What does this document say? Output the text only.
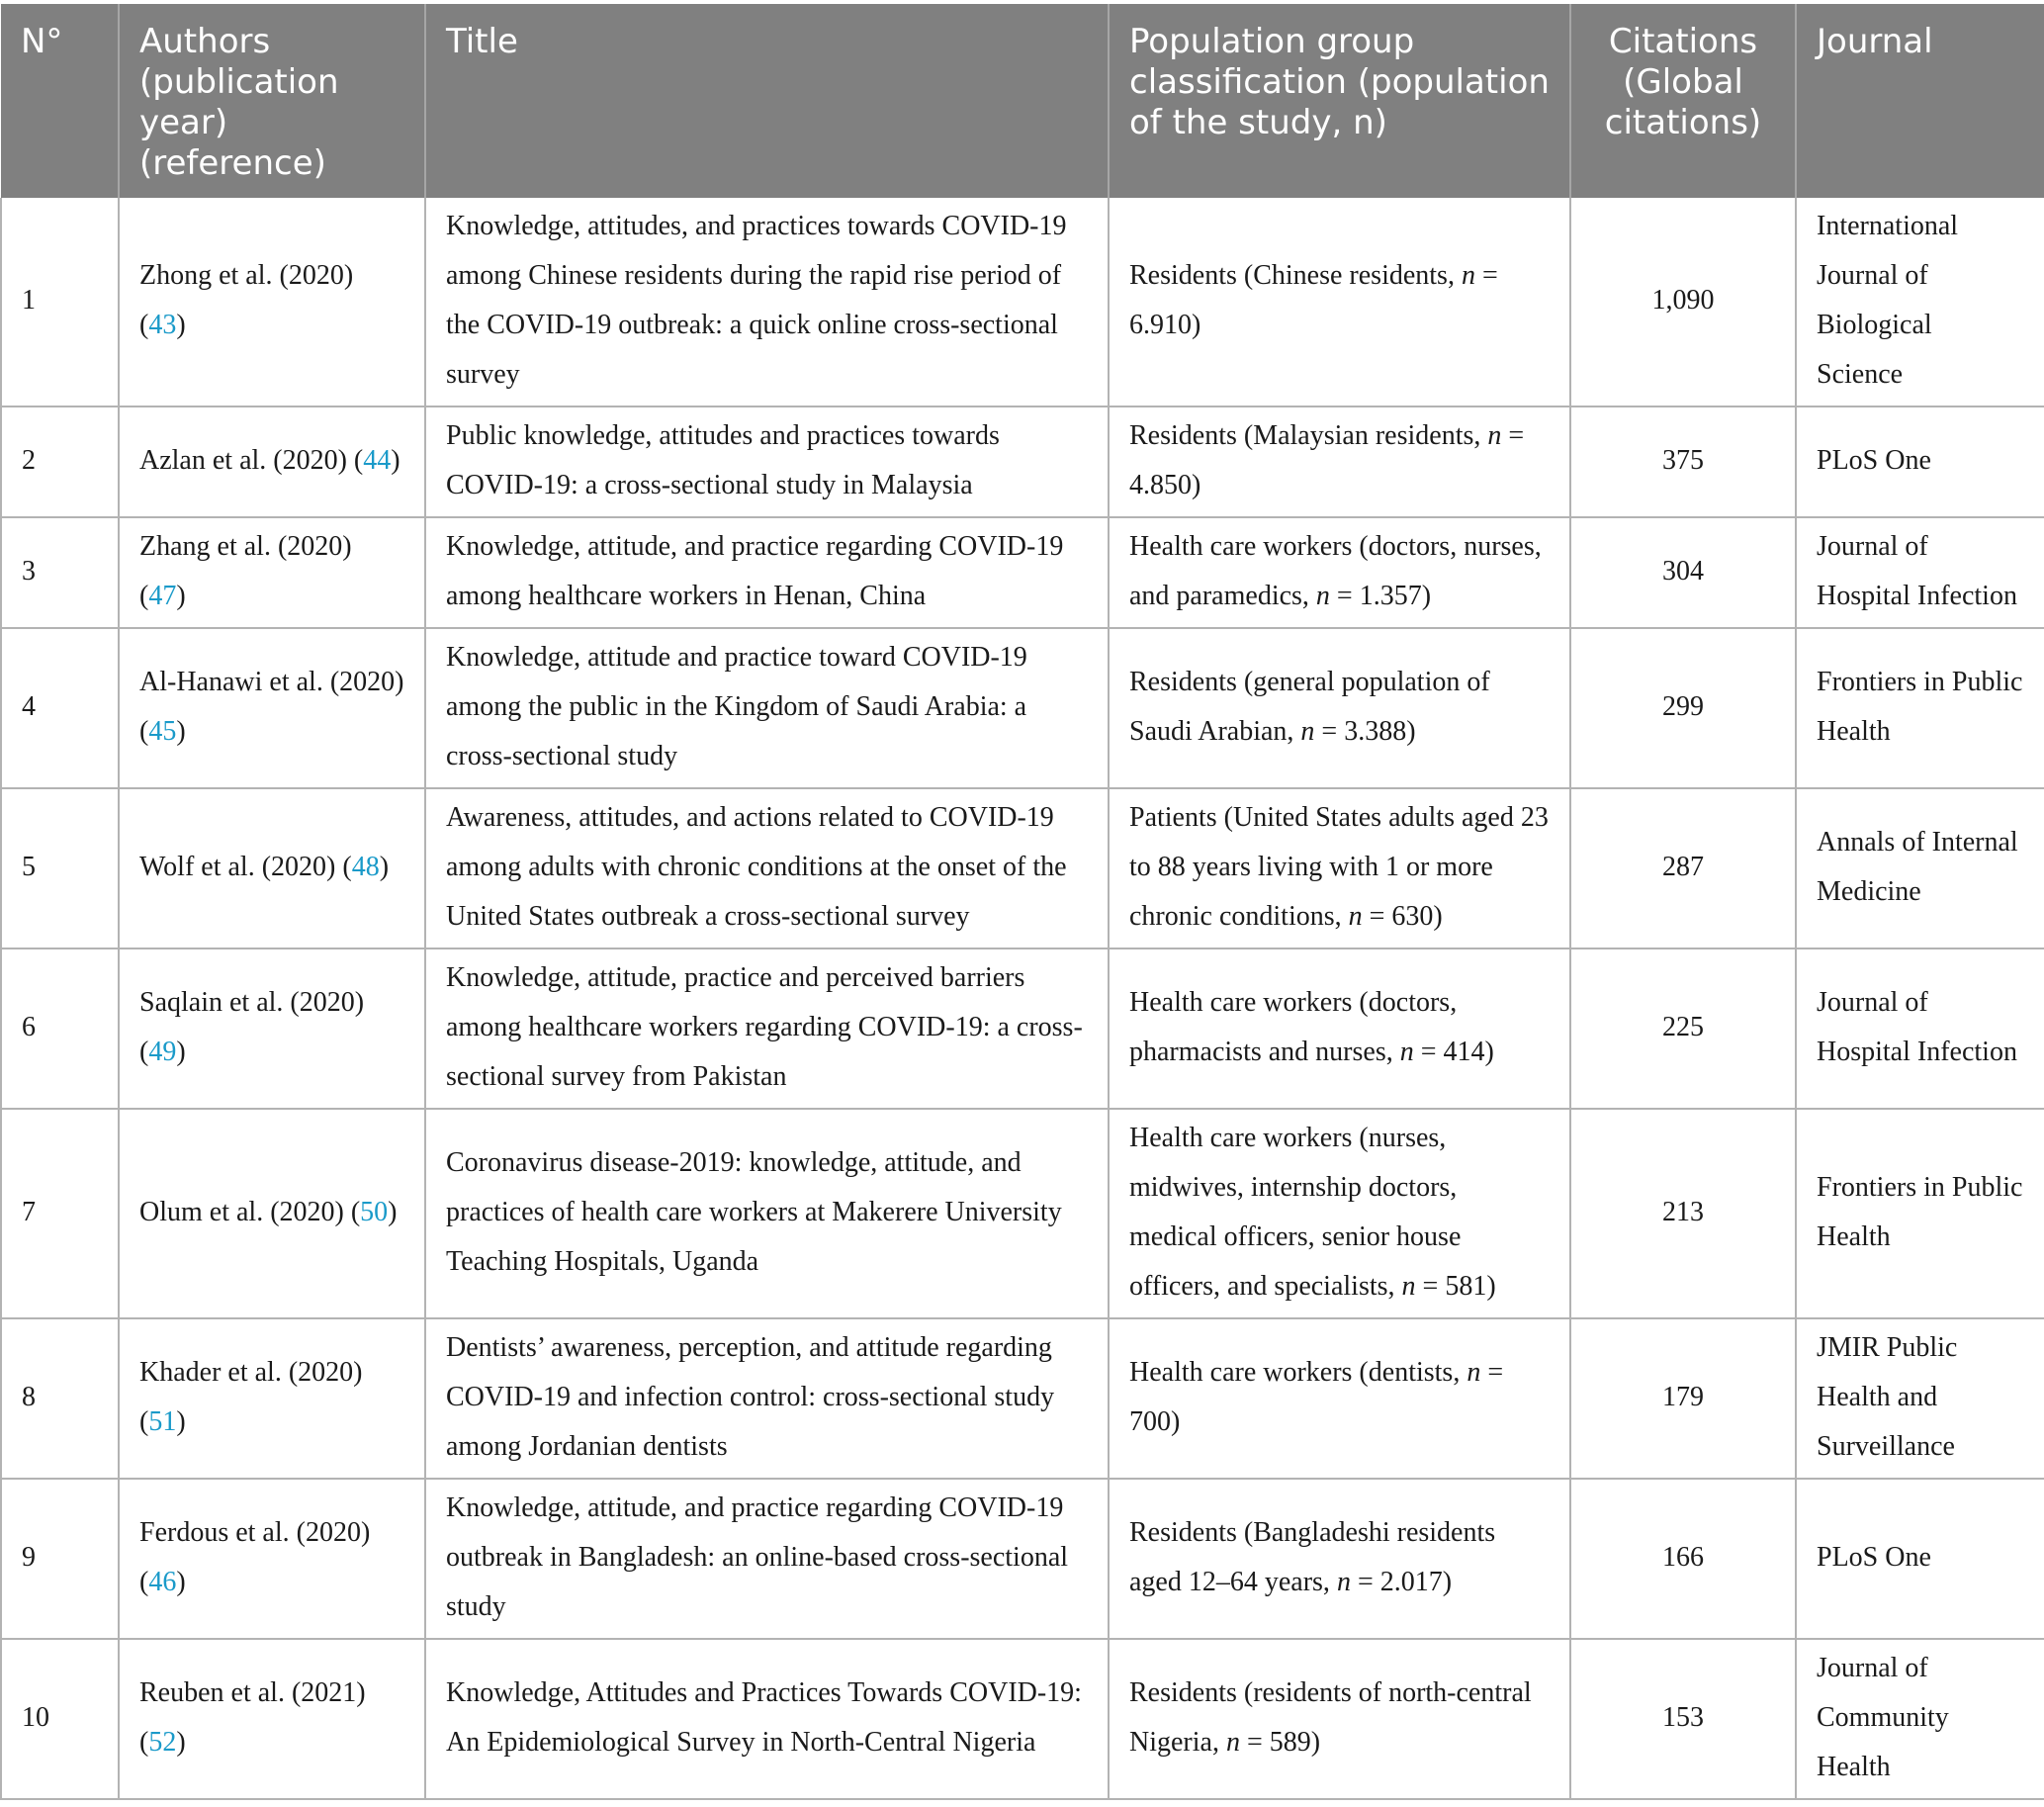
N°	Authors (publication year) (reference)	Title	Population group classification (population of the study, n)	Citations (Global citations)	Journal
1	Zhong et al. (2020) (43)	Knowledge, attitudes, and practices towards COVID-19 among Chinese residents during the rapid rise period of the COVID-19 outbreak: a quick online cross-sectional survey	Residents (Chinese residents, n = 6.910)	1,090	International Journal of Biological Science
2	Azlan et al. (2020) (44)	Public knowledge, attitudes and practices towards COVID-19: a cross-sectional study in Malaysia	Residents (Malaysian residents, n = 4.850)	375	PLoS One
3	Zhang et al. (2020) (47)	Knowledge, attitude, and practice regarding COVID-19 among healthcare workers in Henan, China	Health care workers (doctors, nurses, and paramedics, n = 1.357)	304	Journal of Hospital Infection
4	Al-Hanawi et al. (2020) (45)	Knowledge, attitude and practice toward COVID-19 among the public in the Kingdom of Saudi Arabia: a cross-sectional study	Residents (general population of Saudi Arabian, n = 3.388)	299	Frontiers in Public Health
5	Wolf et al. (2020) (48)	Awareness, attitudes, and actions related to COVID-19 among adults with chronic conditions at the onset of the United States outbreak a cross-sectional survey	Patients (United States adults aged 23 to 88 years living with 1 or more chronic conditions, n = 630)	287	Annals of Internal Medicine
6	Saqlain et al. (2020) (49)	Knowledge, attitude, practice and perceived barriers among healthcare workers regarding COVID-19: a cross-sectional survey from Pakistan	Health care workers (doctors, pharmacists and nurses, n = 414)	225	Journal of Hospital Infection
7	Olum et al. (2020) (50)	Coronavirus disease-2019: knowledge, attitude, and practices of health care workers at Makerere University Teaching Hospitals, Uganda	Health care workers (nurses, midwives, internship doctors, medical officers, senior house officers, and specialists, n = 581)	213	Frontiers in Public Health
8	Khader et al. (2020) (51)	Dentists’ awareness, perception, and attitude regarding COVID-19 and infection control: cross-sectional study among Jordanian dentists	Health care workers (dentists, n = 700)	179	JMIR Public Health and Surveillance
9	Ferdous et al. (2020) (46)	Knowledge, attitude, and practice regarding COVID-19 outbreak in Bangladesh: an online-based cross-sectional study	Residents (Bangladeshi residents aged 12–64 years, n = 2.017)	166	PLoS One
10	Reuben et al. (2021) (52)	Knowledge, Attitudes and Practices Towards COVID-19: An Epidemiological Survey in North-Central Nigeria	Residents (residents of north-central Nigeria, n = 589)	153	Journal of Community Health
